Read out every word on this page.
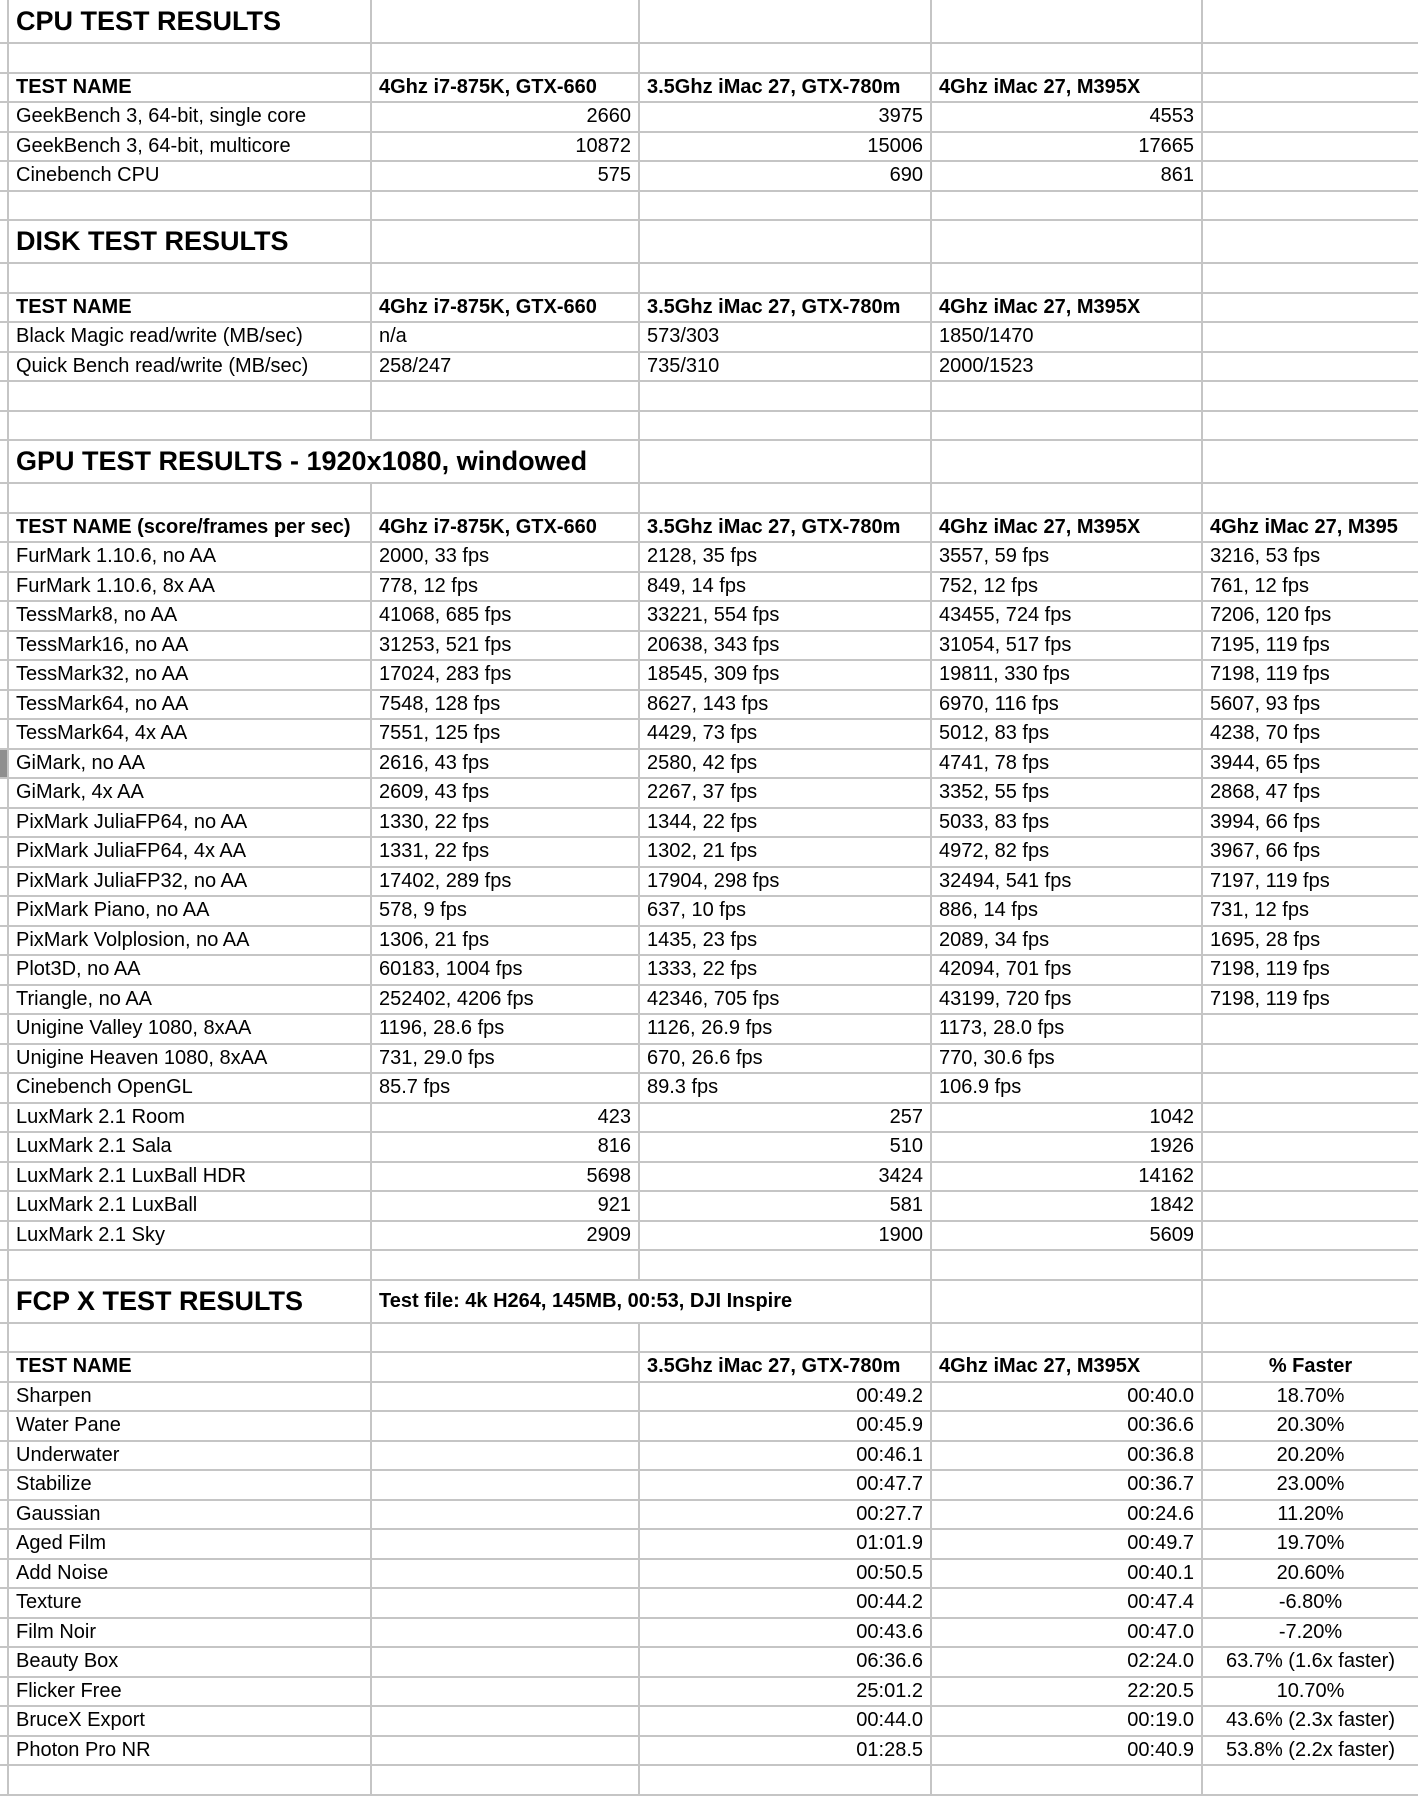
	CPU TEST RESULTS				

	TEST NAME	4Ghz i7-875K, GTX-660	3.5Ghz iMac 27, GTX-780m	4Ghz iMac 27, M395X	
	GeekBench 3, 64-bit, single core	2660	3975	4553	
	GeekBench 3, 64-bit, multicore	10872	15006	17665	
	Cinebench CPU	575	690	861	

	DISK TEST RESULTS				

	TEST NAME	4Ghz i7-875K, GTX-660	3.5Ghz iMac 27, GTX-780m	4Ghz iMac 27, M395X	
	Black Magic read/write (MB/sec)	n/a	573/303	1850/1470	
	Quick Bench read/write (MB/sec)	258/247	735/310	2000/1523	

	GPU TEST RESULTS - 1920x1080, windowed				

	TEST NAME (score/frames per sec)	4Ghz i7-875K, GTX-660	3.5Ghz iMac 27, GTX-780m	4Ghz iMac 27, M395X	4Ghz iMac 27, M395
	FurMark 1.10.6, no AA	2000, 33 fps	2128, 35 fps	3557, 59 fps	3216, 53 fps
	FurMark 1.10.6, 8x AA	778, 12 fps	849, 14 fps	752, 12 fps	761, 12 fps
	TessMark8, no AA	41068, 685 fps	33221, 554 fps	43455, 724 fps	7206, 120 fps
	TessMark16, no AA	31253, 521 fps	20638, 343 fps	31054, 517 fps	7195, 119 fps
	TessMark32, no AA	17024, 283 fps	18545, 309 fps	19811, 330 fps	7198, 119 fps
	TessMark64, no AA	7548, 128 fps	8627, 143 fps	6970, 116 fps	5607, 93 fps
	TessMark64, 4x AA	7551, 125 fps	4429, 73 fps	5012, 83 fps	4238, 70 fps
	GiMark, no AA	2616, 43 fps	2580, 42 fps	4741, 78 fps	3944, 65 fps
	GiMark, 4x AA	2609, 43 fps	2267, 37 fps	3352, 55 fps	2868, 47 fps
	PixMark JuliaFP64, no AA	1330, 22 fps	1344, 22 fps	5033, 83 fps	3994, 66 fps
	PixMark JuliaFP64, 4x AA	1331, 22 fps	1302, 21 fps	4972, 82 fps	3967, 66 fps
	PixMark JuliaFP32, no AA	17402, 289 fps	17904, 298 fps	32494, 541 fps	7197, 119 fps
	PixMark Piano, no AA	578, 9 fps	637, 10 fps	886, 14 fps	731, 12 fps
	PixMark Volplosion, no AA	1306, 21 fps	1435, 23 fps	2089, 34 fps	1695, 28 fps
	Plot3D, no AA	60183, 1004 fps	1333, 22 fps	42094, 701 fps	7198, 119 fps
	Triangle, no AA	252402, 4206 fps	42346, 705 fps	43199, 720 fps	7198, 119 fps
	Unigine Valley 1080, 8xAA	1196, 28.6 fps	1126, 26.9 fps	1173, 28.0 fps	
	Unigine Heaven 1080, 8xAA	731, 29.0 fps	670, 26.6 fps	770, 30.6 fps	
	Cinebench OpenGL	85.7 fps	89.3 fps	106.9 fps	
	LuxMark 2.1 Room	423	257	1042	
	LuxMark 2.1 Sala	816	510	1926	
	LuxMark 2.1 LuxBall HDR	5698	3424	14162	
	LuxMark 2.1 LuxBall	921	581	1842	
	LuxMark 2.1 Sky	2909	1900	5609	

	FCP X TEST RESULTS	Test file: 4k H264, 145MB, 00:53, DJI Inspire			

	TEST NAME		3.5Ghz iMac 27, GTX-780m	4Ghz iMac 27, M395X	% Faster
	Sharpen		00:49.2	00:40.0	18.70%
	Water Pane		00:45.9	00:36.6	20.30%
	Underwater		00:46.1	00:36.8	20.20%
	Stabilize		00:47.7	00:36.7	23.00%
	Gaussian		00:27.7	00:24.6	11.20%
	Aged Film		01:01.9	00:49.7	19.70%
	Add Noise		00:50.5	00:40.1	20.60%
	Texture		00:44.2	00:47.4	-6.80%
	Film Noir		00:43.6	00:47.0	-7.20%
	Beauty Box		06:36.6	02:24.0	63.7% (1.6x faster)
	Flicker Free		25:01.2	22:20.5	10.70%
	BruceX Export		00:44.0	00:19.0	43.6% (2.3x faster)
	Photon Pro NR		01:28.5	00:40.9	53.8% (2.2x faster)
